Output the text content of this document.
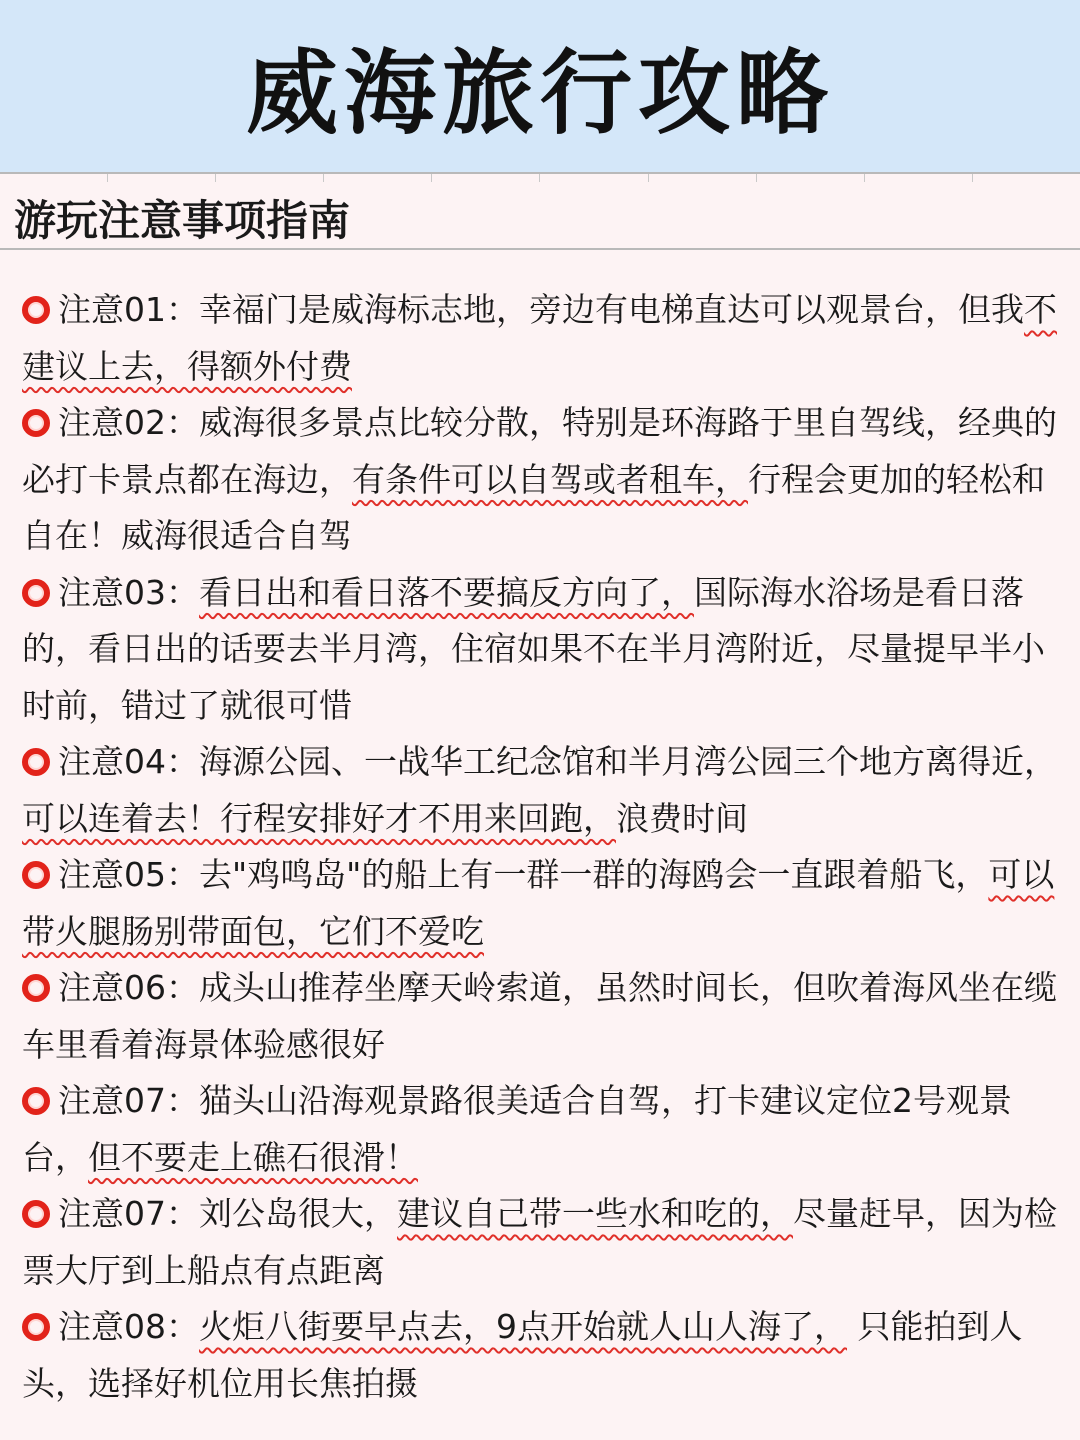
威海旅行攻略
游玩注意事项指南
注意01：幸福门是威海标志地，旁边有电梯直达可以观景台，但我不建议上去，得额外付费
注意02：威海很多景点比较分散，特别是环海路于里自驾线，经典的必打卡景点都在海边，有条件可以自驾或者租车，行程会更加的轻松和自在！威海很适合自驾
注意03：看日出和看日落不要搞反方向了，国际海水浴场是看日落的，看日出的话要去半月湾，住宿如果不在半月湾附近，尽量提早半小时前，错过了就很可惜
注意04：海源公园、一战华工纪念馆和半月湾公园三个地方离得近，可以连着去！行程安排好才不用来回跑，浪费时间
注意05：去"鸡鸣岛"的船上有一群一群的海鸥会一直跟着船飞，可以带火腿肠别带面包，它们不爱吃
注意06：成头山推荐坐摩天岭索道，虽然时间长，但吹着海风坐在缆车里看着海景体验感很好
注意07：猫头山沿海观景路很美适合自驾，打卡建议定位2号观景台，但不要走上礁石很滑！
注意07：刘公岛很大，建议自己带一些水和吃的，尽量赶早，因为检票大厅到上船点有点距离
注意08：火炬八街要早点去，9点开始就人山人海了， 只能拍到人头，选择好机位用长焦拍摄
